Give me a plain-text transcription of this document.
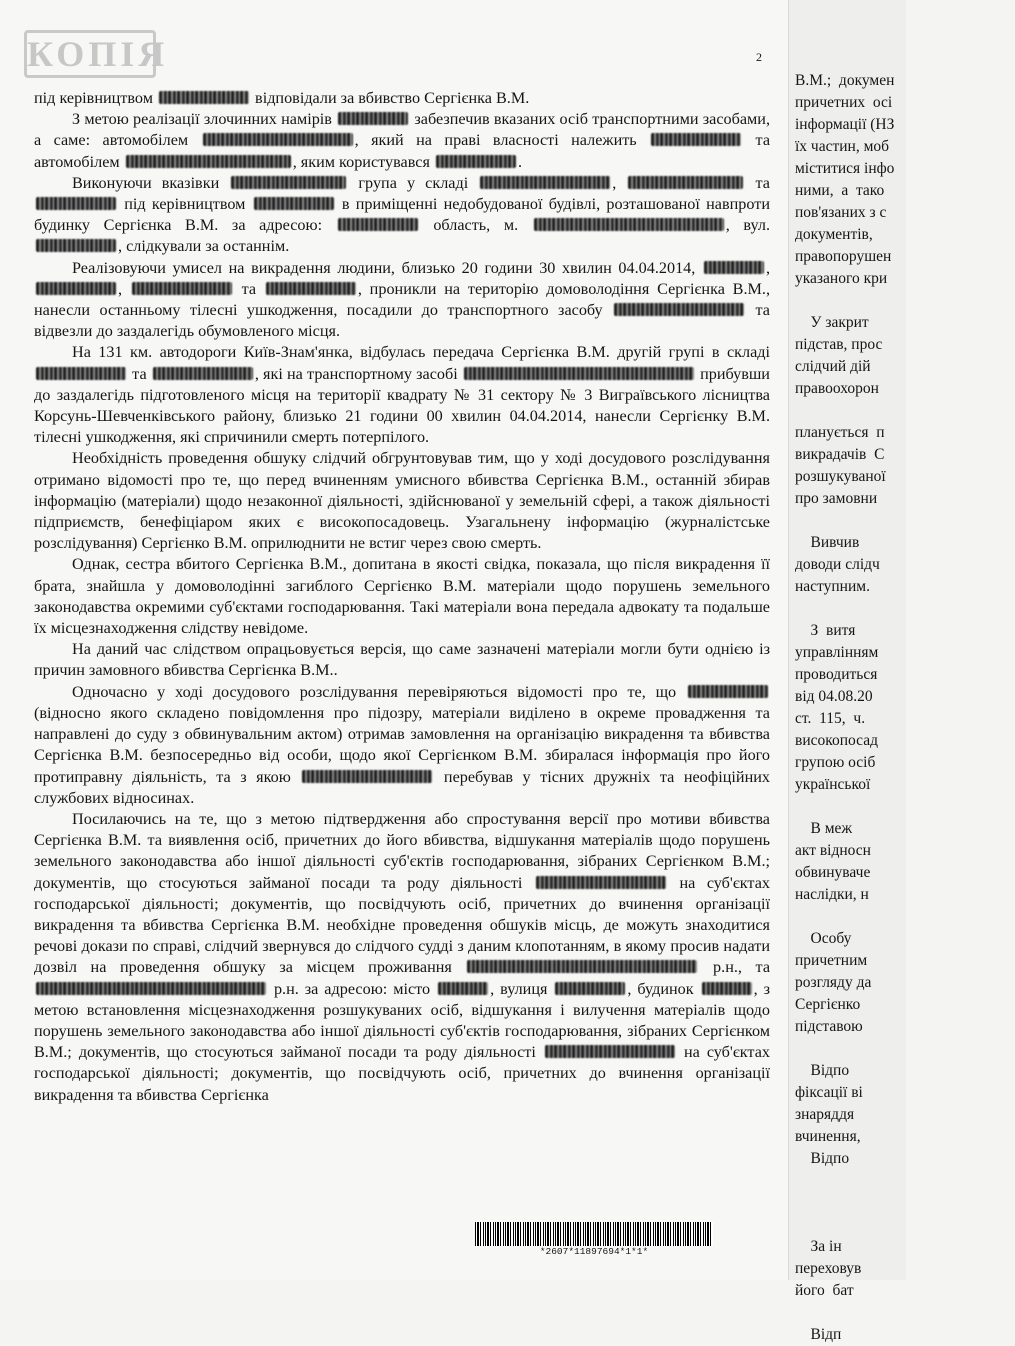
КОПІЯ	2

під керівництвом	відповідали за вбивство Сергієнка В.М.

З метою реалізації злочинних намірів	забезпечив вказаних осіб транспортними засобами, а саме: автомобілем	, який на праві власності належить	та автомобілем	, яким користувався	.

Виконуючи вказівки	група у складі	,	та  під керівництвом	в приміщенні недобудованої будівлі, розташованої навпроти будинку Сергієнка В.М. за адресою:	область, м.	, вул. , слідкували за останнім.

Реалізовуючи умисел на викрадення людини, близько 20 години 30 хвилин 04.04.2014,	, ,	та	, проникли на територію домоволодіння Сергієнка В.М., нанесли останньому тілесні ушкодження, посадили до транспортного засобу	та відвезли до заздалегідь обумовленого місця.

На 131 км. автодороги Київ-Знам'янка, відбулась передача Сергієнка В.М. другій групі в складі  та	, які на транспортному засобі	прибувши до заздалегідь підготовленого місця на території квадрату № 31 сектору № 3 Виграївського лісництва Корсунь-Шевченківського району, близько 21 години 00 хвилин 04.04.2014, нанесли Сергієнку В.М. тілесні ушкодження, які спричинили смерть потерпілого.

Необхідність проведення обшуку слідчий обгрунтовував тим, що у ході досудового розслідування отримано відомості про те, що перед вчиненням умисного вбивства Сергієнка В.М., останній збирав інформацію (матеріали) щодо незаконної діяльності, здійснюваної у земельній сфері, а також діяльності підприємств, бенефіціаром яких є високопосадовець. Узагальнену інформацію (журналістське розслідування) Сергієнко В.М. оприлюднити не встиг через свою смерть.

Однак, сестра вбитого Сергієнка В.М., допитана в якості свідка, показала, що після викрадення її брата, знайшла у домоволодінні загиблого Сергієнко В.М. матеріали щодо порушень земельного законодавства окремими суб'єктами господарювання. Такі матеріали вона передала адвокату та подальше їх місцезнаходження слідству невідоме.

На даний час слідством опрацьовується версія, що саме зазначені матеріали могли бути однією із причин замовного вбивства Сергієнка В.М..

Одночасно у ході досудового розслідування перевіряються відомості про те, що  (відносно якого складено повідомлення про підозру, матеріали виділено в окреме провадження та направлені до суду з обвинувальним актом) отримав замовлення на організацію викрадення та вбивства Сергієнка В.М. безпосередньо від особи, щодо якої Сергієнком В.М. збиралася інформація про його протиправну діяльність, та з якою	перебував у тісних дружніх та неофіційних службових відносинах.

Посилаючись на те, що з метою підтвердження або спростування версії про мотиви вбивства Сергієнка В.М. та виявлення осіб, причетних до його вбивства, відшукання матеріалів щодо порушень земельного законодавства або іншої діяльності суб'єктів господарювання, зібраних Сергієнком В.М.; документів, що стосуються займаної посади та роду діяльності	на суб'єктах господарської діяльності; документів, що посвідчують осіб, причетних до вчинення організації викрадення та вбивства Сергієнка В.М. необхідне проведення обшуків місць, де можуть знаходитися речові докази по справі, слідчий звернувся до слідчого судді з даним клопотанням, в якому просив надати дозвіл на проведення обшуку за місцем проживання	р.н., та  р.н. за адресою: місто	, вулиця	, будинок	, з метою встановлення місцезнаходження розшукуваних осіб, відшукання і вилучення матеріалів щодо порушень земельного законодавства або іншої діяльності суб'єктів господарювання, зібраних Сергієнком В.М.; документів, що стосуються займаної посади та роду діяльності	на суб'єктах господарської діяльності; документів, що посвідчують осіб, причетних до вчинення організації викрадення та вбивства Сергієнка

*2607*11897694*1*1*
В.М.;  докумен
причетних  осі
інформації (НЗ
їх частин, моб
міститися інфо
ними,  а  тако
пов'язаних з с
документів,
правопорушен
указаного кри

У закрит
підстав, прос
слідчий дій
правоохорон

планується  п
викрадачів  С
розшукуваної
про замовни

Вивчив
доводи слідч
наступним.

З  витя
управлінням
проводиться
від 04.08.20
ст.  115,  ч.
високопосад
групою осіб
української

В меж
акт відносн
обвинуваче
наслідки, н

Особу
причетним
розгляду да
Сергієнко
підставою

Відпо
фіксації ві
знаряддя
вчинення,
Відпо

За ін
переховув
його  бат

Відп
